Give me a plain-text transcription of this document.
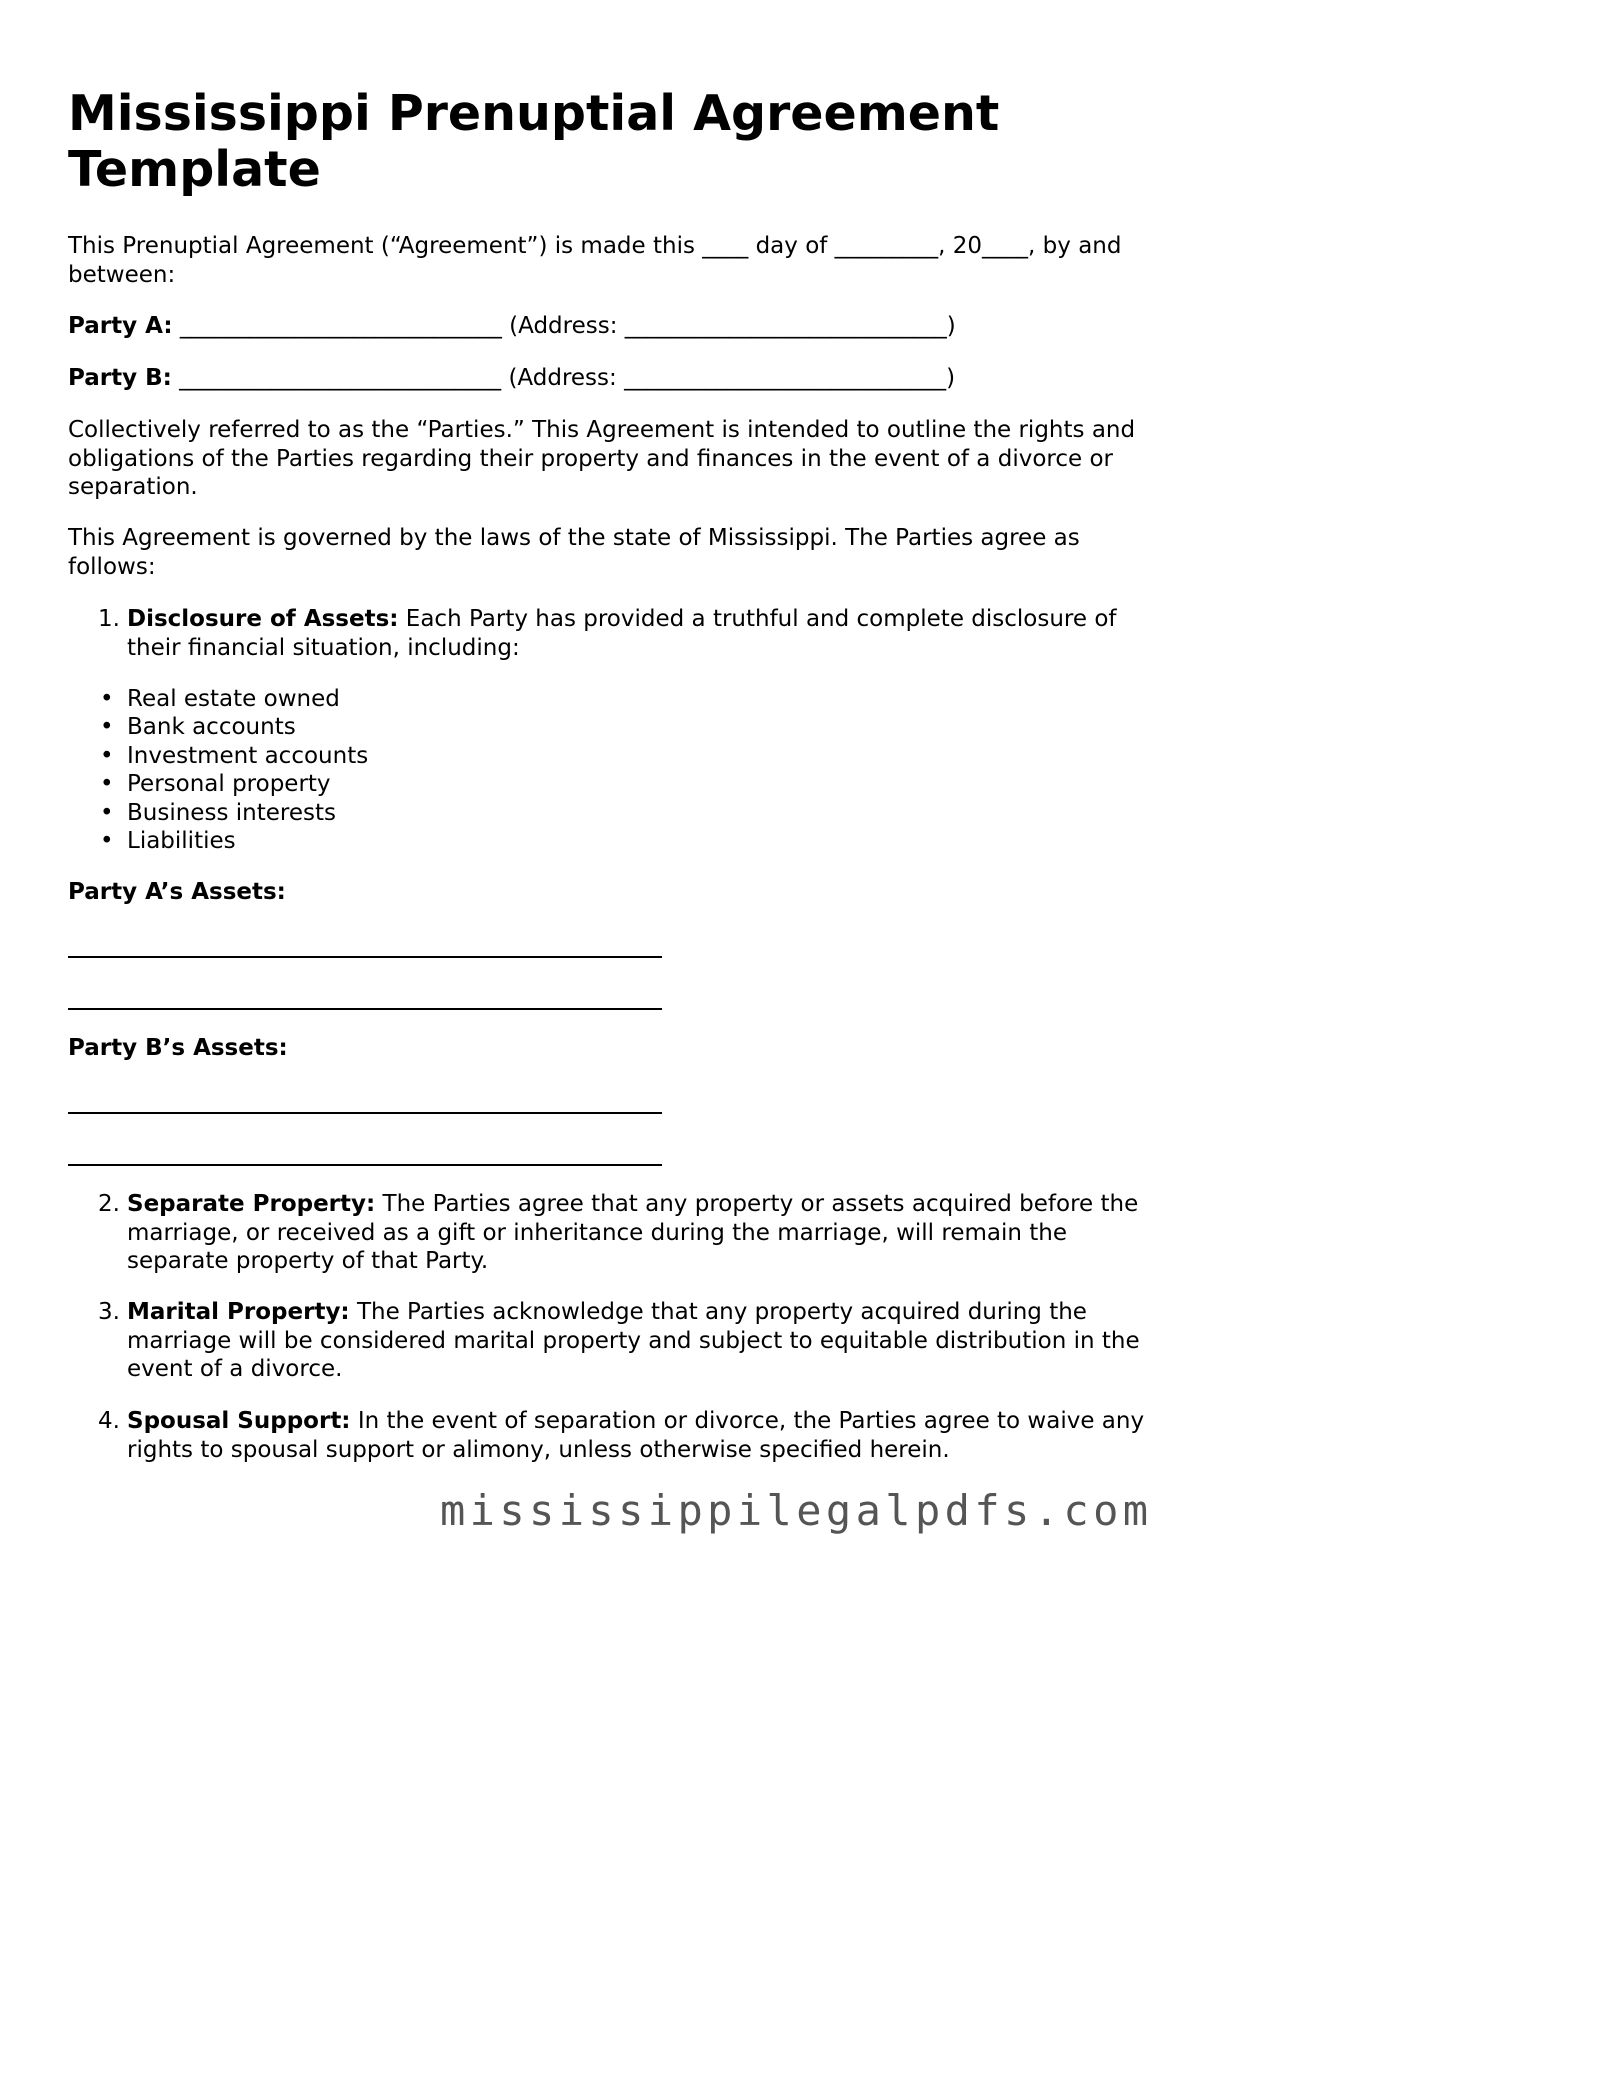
Mississippi Prenuptial Agreement Template

This Prenuptial Agreement (“Agreement”) is made this ____ day of _________, 20____, by and between:

Party A: ____________________________ (Address: ____________________________)

Party B: ____________________________ (Address: ____________________________)

Collectively referred to as the “Parties.” This Agreement is intended to outline the rights and obligations of the Parties regarding their property and finances in the event of a divorce or separation.

This Agreement is governed by the laws of the state of Mississippi. The Parties agree as follows:

1. Disclosure of Assets: Each Party has provided a truthful and complete disclosure of their financial situation, including:
• Real estate owned
• Bank accounts
• Investment accounts
• Personal property
• Business interests
• Liabilities

Party A’s Assets:

Party B’s Assets:

2. Separate Property: The Parties agree that any property or assets acquired before the marriage, or received as a gift or inheritance during the marriage, will remain the separate property of that Party.
3. Marital Property: The Parties acknowledge that any property acquired during the marriage will be considered marital property and subject to equitable distribution in the event of a divorce.
4. Spousal Support: In the event of separation or divorce, the Parties agree to waive any rights to spousal support or alimony, unless otherwise specified herein.
mississippilegalpdfs.com
